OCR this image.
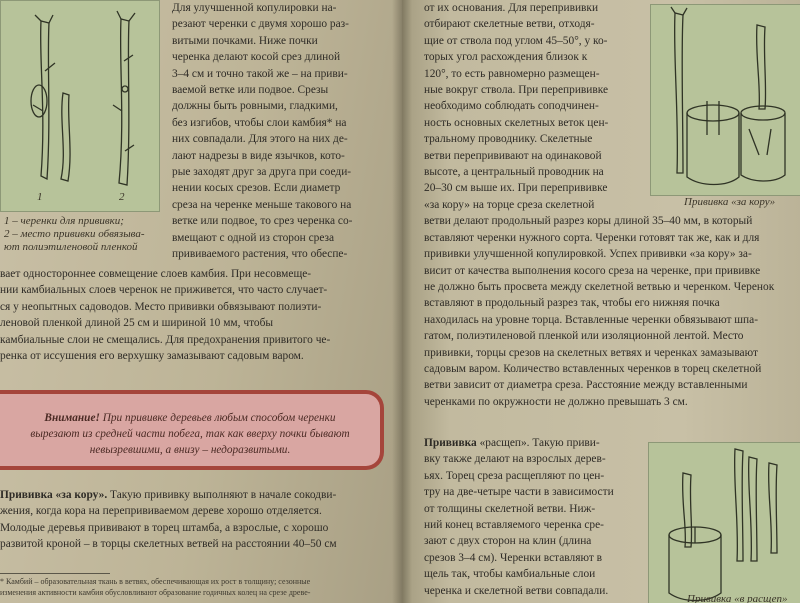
1	2
1 – черенки для прививки;
2 – место прививки обвязыва-
ют полиэтиленовой пленкой
Для улучшенной копулировки на-
резают черенки с двумя хорошо раз-
витыми почками. Ниже почки
черенка делают косой срез длиной
3–4 см и точно такой же – на приви-
ваемой ветке или подвое. Срезы
должны быть ровными, гладкими,
без изгибов, чтобы слои камбия* на
них совпадали. Для этого на них де-
лают надрезы в виде язычков, кото-
рые заходят друг за друга при соеди-
нении косых срезов. Если диаметр
среза на черенке меньше такового на
ветке или подвое, то срез черенка со-
вмещают с одной из сторон среза
прививаемого растения, что обеспе-
вает одностороннее совмещение слоев камбия. При несовмеще-
нии камбиальных слоев черенок не приживется, что часто случает-
ся у неопытных садоводов. Место прививки обвязывают полиэти-
леновой пленкой длиной 25 см и шириной 10 мм, чтобы
камбиальные слои не смещались. Для предохранения привитого че-
ренка от иссушения его верхушку замазывают садовым варом.
Внимание! При прививке деревьев любым способом черенки вырезают из средней части побега, так как вверху почки бывают невызревшими, а внизу – недоразвитыми.
Прививка «за кору». Такую прививку выполняют в начале сокодви-
жения, когда кора на перепрививаемом дереве хорошо отделяется.
Молодые деревья прививают в торец штамба, а взрослые, с хорошо
развитой кроной – в торцы скелетных ветвей на расстоянии 40–50 см
* Камбий – образовательная ткань в ветвях, обеспечивающая их рост в толщину; сезонные
изменения активности камбия обусловливают образование годичных колец на срезе древе-
от их основания. Для перепрививки
отбирают скелетные ветви, отходя-
щие от ствола под углом 45–50°, у ко-
торых угол расхождения близок к
120°, то есть равномерно размещен-
ные вокруг ствола. При перепрививке
необходимо соблюдать соподчинен-
ность основных скелетных веток цен-
тральному проводнику. Скелетные
ветви перепрививают на одинаковой
высоте, а центральный проводник на
20–30 см выше их. При перепрививке
Прививка «за кору»
«за кору» на торце среза скелетной
ветви делают продольный разрез коры длиной 35–40 мм, в который
вставляют черенки нужного сорта. Черенки готовят так же, как и для
прививки улучшенной копулировкой. Успех прививки «за кору» за-
висит от качества выполнения косого среза на черенке, при прививке
не должно быть просвета между скелетной ветвью и черенком. Черенок
вставляют в продольный разрез так, чтобы его нижняя почка
находилась на уровне торца. Вставленные черенки обвязывают шпа-
гатом, полиэтиленовой пленкой или изоляционной лентой. Место
прививки, торцы срезов на скелетных ветвях и черенках замазывают
садовым варом. Количество вставленных черенков в торец скелетной
ветви зависит от диаметра среза. Расстояние между вставленными
черенками по окружности не должно превышать 3 см.
Прививка «расщеп». Такую приви-
вку также делают на взрослых дерев-
ьях. Торец среза расщепляют по цен-
тру на две-четыре части в зависимости
от толщины скелетной ветви. Ниж-
ний конец вставляемого черенка сре-
зают с двух сторон на клин (длина
срезов 3–4 см). Черенки вставляют в
щель так, чтобы камбиальные слои
черенка и скелетной ветви совпадали.
Прививка «в расщеп»
